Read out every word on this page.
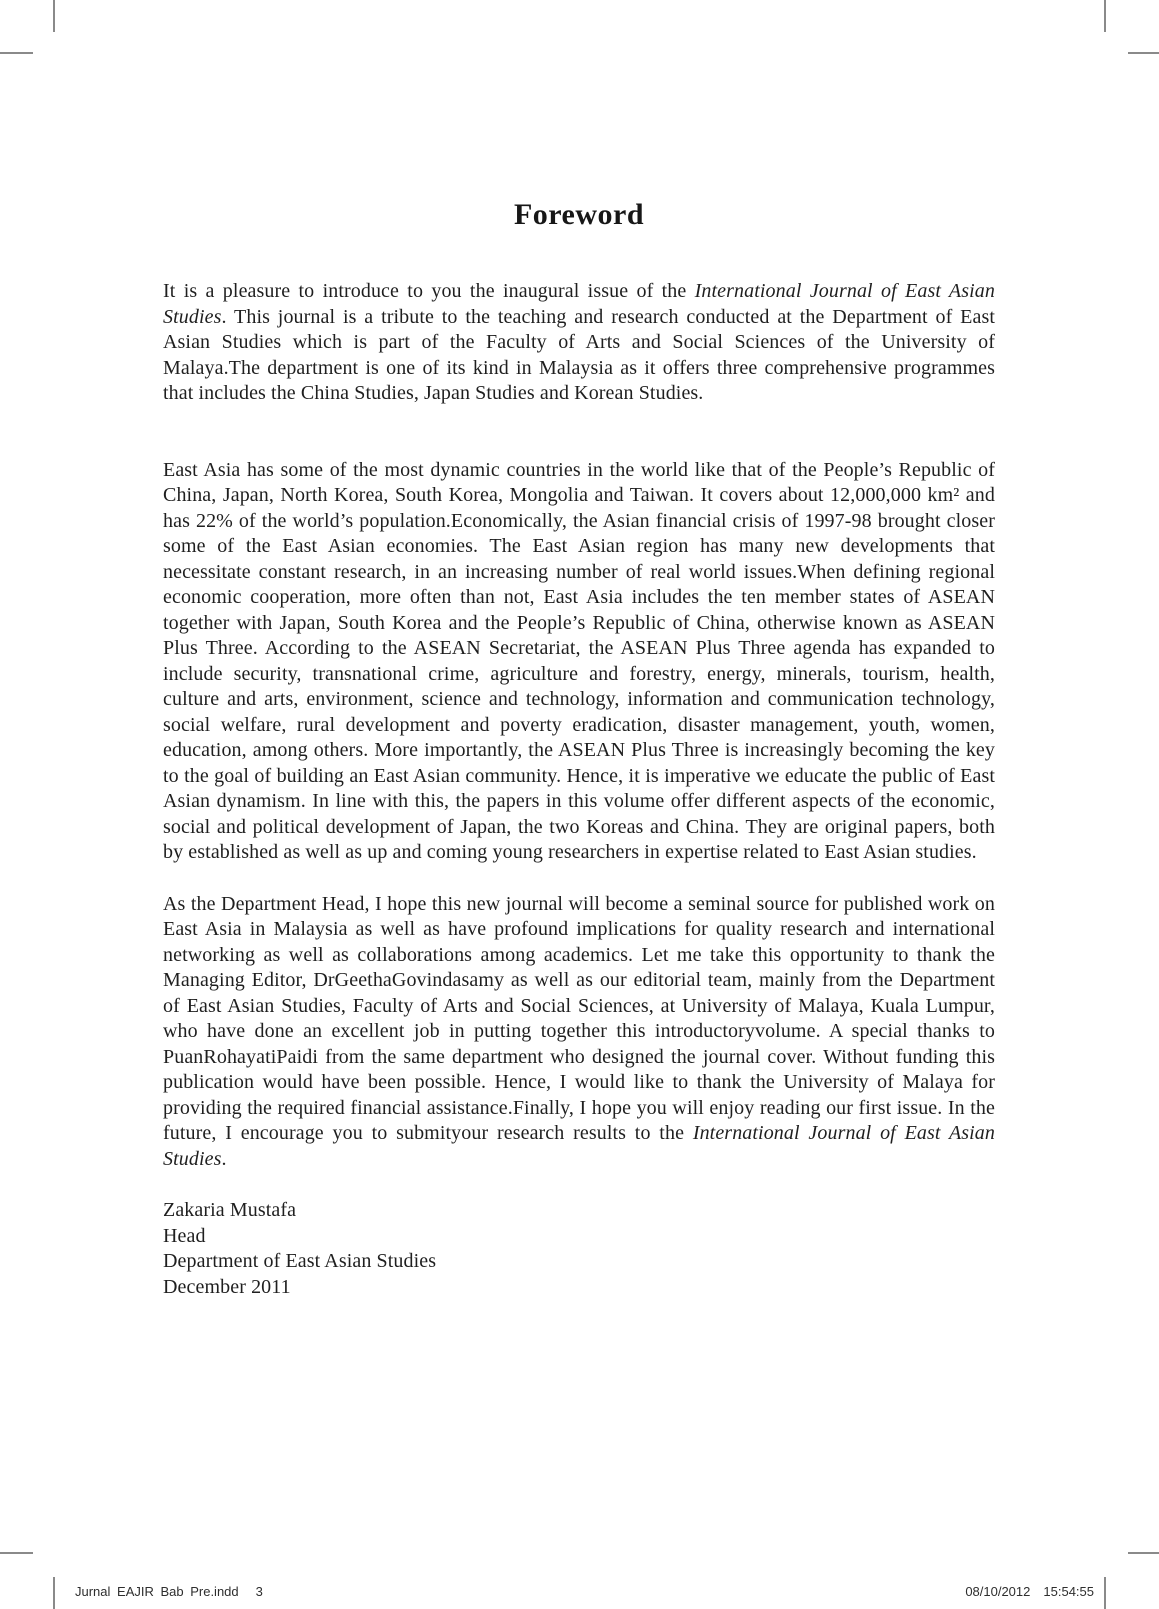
Foreword

It is a pleasure to introduce to you the inaugural issue of the International Journal of East Asian Studies. This journal is a tribute to the teaching and research conducted at the Department of East Asian Studies which is part of the Faculty of Arts and Social Sciences of the University of Malaya.The department is one of its kind in Malaysia as it offers three comprehensive programmes that includes the China Studies, Japan Studies and Korean Studies.

East Asia has some of the most dynamic countries in the world like that of the People’s Republic of China, Japan, North Korea, South Korea, Mongolia and Taiwan. It covers about 12,000,000 km² and has 22% of the world’s population.Economically, the Asian financial crisis of 1997-98 brought closer some of the East Asian economies. The East Asian region has many new developments that necessitate constant research, in an increasing number of real world issues.When defining regional economic cooperation, more often than not, East Asia includes the ten member states of ASEAN together with Japan, South Korea and the People’s Republic of China, otherwise known as ASEAN Plus Three. According to the ASEAN Secretariat, the ASEAN Plus Three agenda has expanded to include security, transnational crime, agriculture and forestry, energy, minerals, tourism, health, culture and arts, environment, science and technology, information and communication technology, social welfare, rural development and poverty eradication, disaster management, youth, women, education, among others. More importantly, the ASEAN Plus Three is increasingly becoming the key to the goal of building an East Asian community. Hence, it is imperative we educate the public of East Asian dynamism. In line with this, the papers in this volume offer different aspects of the economic, social and political development of Japan, the two Koreas and China. They are original papers, both by established as well as up and coming young researchers in expertise related to East Asian studies.

As the Department Head, I hope this new journal will become a seminal source for published work on East Asia in Malaysia as well as have profound implications for quality research and international networking as well as collaborations among academics. Let me take this opportunity to thank the Managing Editor, DrGeethaGovindasamy as well as our editorial team, mainly from the Department of East Asian Studies, Faculty of Arts and Social Sciences, at University of Malaya, Kuala Lumpur, who have done an excellent job in putting together this introductoryvolume. A special thanks to PuanRohayatiPaidi from the same department who designed the journal cover. Without funding this publication would have been possible. Hence, I would like to thank the University of Malaya for providing the required financial assistance.Finally, I hope you will enjoy reading our first issue. In the future, I encourage you to submityour research results to the International Journal of East Asian Studies.

Zakaria Mustafa
Head
Department of East Asian Studies
December 2011
Jurnal EAJIR Bab Pre.indd 3	08/10/2012 15:54:55
